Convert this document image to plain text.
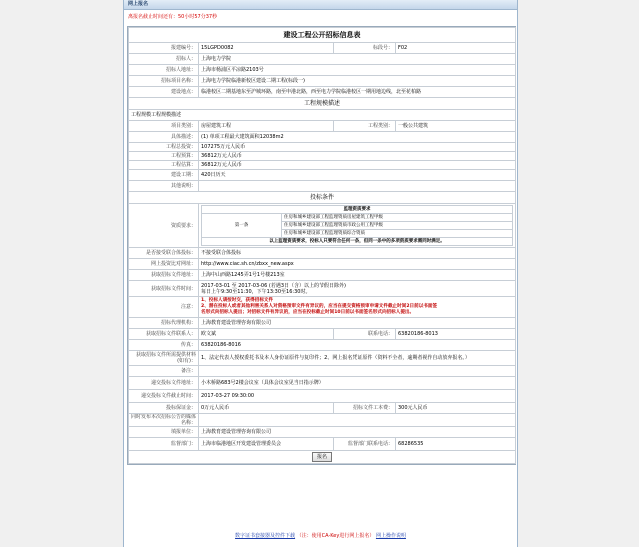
网上报名
离报名截止时间还有：50小时57分37秒
建设工程公开招标信息表
报建编号：	15LGPD0082	标段号：	F02
招标人：	上海电力学院
招标人地址：	上海市杨浦区平凉路2103号
招标项目名称：	上海电力学院临港新校区建设二期工程(标段一)
建设地点：	临港校区二期基地东至沪城环路，南至申港北路，西至电力学院临港校区一期用地边线，北至花柏路
工程规模描述
工程规模工程规模描述
项目类别：	房屋建筑工程	工程类别：	一般公共建筑
具体描述：	(1) 单项工程最大建筑面积12038m2
工程总投资：	107275万元人民币
工程预算：	36812万元人民币
工程估算：	36812万元人民币
建设工期：	420日历天
其他说明：	
投标条件
资质要求：	
监理资质要求
第一条	住房和城乡建设部工程监理资质房屋建筑工程甲级
住房和城乡建设部工程监理资质市政公用工程甲级
住房和城乡建设部工程监理资质综合资质
以上监理资质要求，投标人只要符合任何一条，但同一条中的多项资质要求需同时满足。

是否接受联合体投标：	不接受联合体投标
网上投资比对网址：	http://www.ciac.sh.cn/zbxx_new.aspx
获取招标文件地址：	上海中山西路1245弄1号1号楼213室
获取招标文件时间：	2017-03-01 至 2017-03-06 (若遇3日（含）以上的节假日除外)
每日上午9:30至11:30，下午13:30至16:30时。

注意：	
1、投标人请按时交，获得招标文件
2、潜在投标人或者其他利害关系人对资格预审文件有异议的，应当在提交资格预审申请文件截止时间2日前以书面签
名形式向招标人提出；对招标文件有异议的，应当在投标截止时间10日前以书面签名形式向招标人提出。

招标代理机构：	上海教育建设管理咨询有限公司
获取招标文件联系人：	欧文斌	联系电话：	63820186-8013
传真：	63820186-8016
获取招标文件所需提供材料(如有)：	1、法定代表人授权委托书及本人身份证原件与复印件；2、网上报名凭证原件（资料不全者，逾期者视作自动放弃报名。）
备注：	
递交投标文件地址：	小木桥路683号2楼会议室（具体会议室见当日指示牌）
递交投标文件截止时间：	2017-03-27 09:30:00
投标保证金：	0万元人民币	招标文件工本费：	300元人民币
同时发布本次招标公告的媒体名称：	
填报单位：	上海教育建设管理咨询有限公司
监督部门：	上海市临港地区开发建设管理委员会	监督部门联系电话：	68286535
报名
数字证书套接器及控件下载 （注：使用CA-Key进行网上报名） 网上操作说明
